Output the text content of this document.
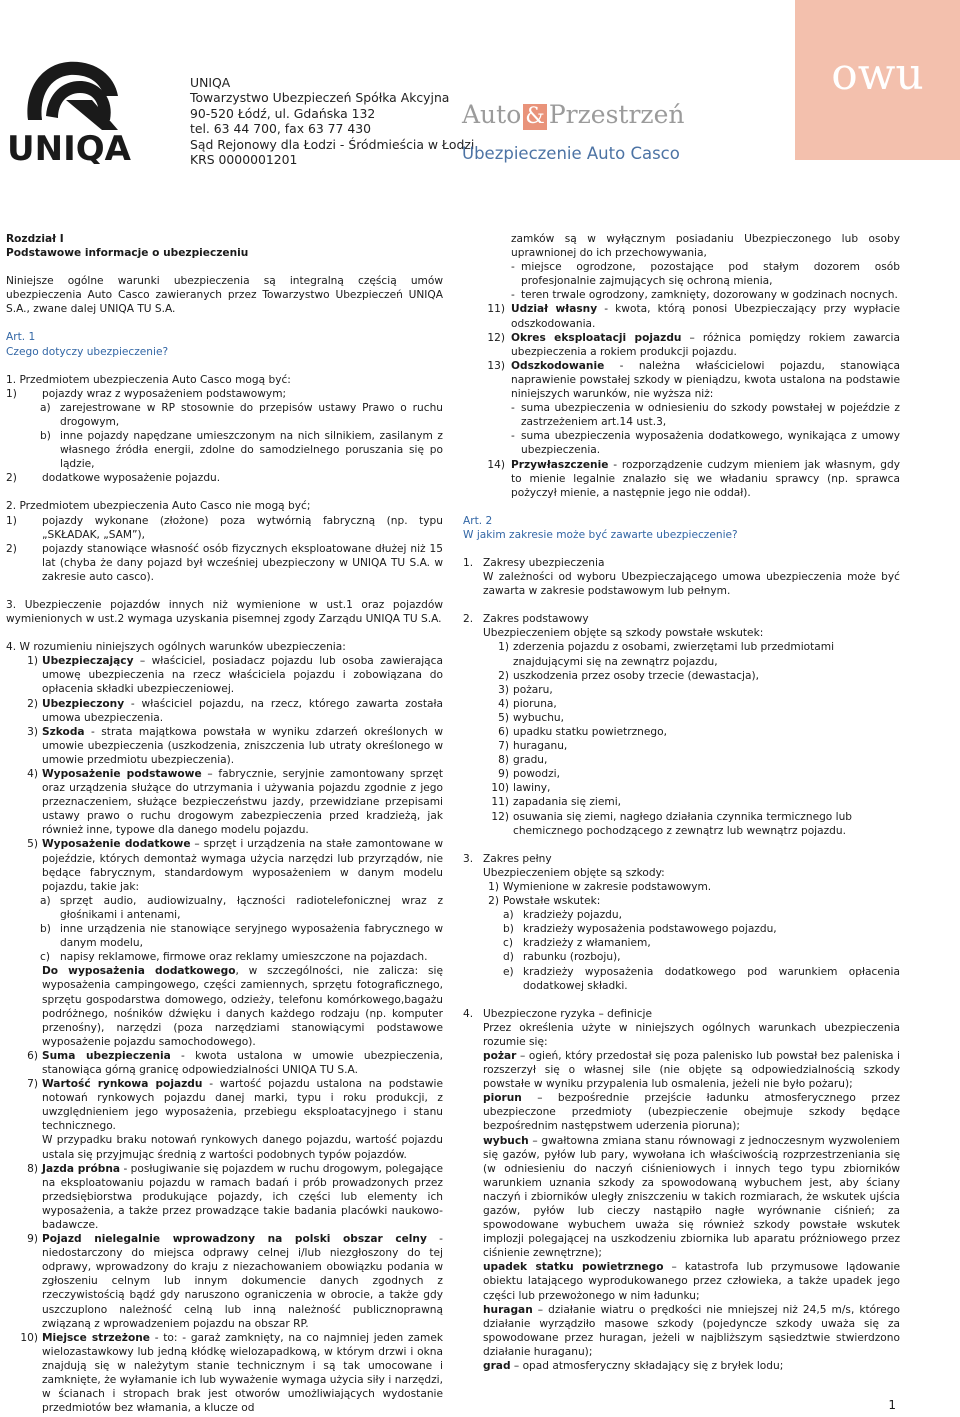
UNIQA
UNIQA
Towarzystwo Ubezpieczeń Spółka Akcyjna
90-520 Łódź, ul. Gdańska 132
tel. 63 44 700, fax 63 77 430
Sąd Rejonowy dla Łodzi - Śródmieścia w Łodzi
KRS 0000001201
owu
Auto & Przestrzeń
Ubezpieczenie Auto Casco
Rozdział I
Podstawowe informacje o ubezpieczeniu
Niniejsze ogólne warunki ubezpieczenia są integralną częścią umów ubezpieczenia Auto Casco zawieranych przez Towarzystwo Ubezpieczeń UNIQA S.A., zwane dalej UNIQA TU S.A.
Art. 1
Czego dotyczy ubezpieczenie?
1. Przedmiotem ubezpieczenia Auto Casco mogą być:
1) pojazdy wraz z wyposażeniem podstawowym;
a) zarejestrowane w RP stosownie do przepisów ustawy Prawo o ruchu drogowym,
b) inne pojazdy napędzane umieszczonym na nich silnikiem, zasilanym z własnego źródła energii, zdolne do samodzielnego poruszania się po lądzie,
2) dodatkowe wyposażenie pojazdu.
2. Przedmiotem ubezpieczenia Auto Casco nie mogą być;
1) pojazdy wykonane (złożone) poza wytwórnią fabryczną (np. typu „SKŁADAK, „SAM”),
2) pojazdy stanowiące własność osób fizycznych eksploatowane dłużej niż 15 lat (chyba że dany pojazd był wcześniej ubezpieczony w UNIQA TU S.A. w zakresie auto casco).
3. Ubezpieczenie pojazdów innych niż wymienione w ust.1 oraz pojazdów wymienionych w ust.2 wymaga uzyskania pisemnej zgody Zarządu UNIQA TU S.A.
4. W rozumieniu niniejszych ogólnych warunków ubezpieczenia:
1) Ubezpieczający – właściciel, posiadacz pojazdu lub osoba zawierająca umowę ubezpieczenia na rzecz właściciela pojazdu i zobowiązana do opłacenia składki ubezpieczeniowej.
2) Ubezpieczony - właściciel pojazdu, na rzecz, którego zawarta została umowa ubezpieczenia.
3) Szkoda - strata majątkowa powstała w wyniku zdarzeń określonych w umowie ubezpieczenia (uszkodzenia, zniszczenia lub utraty określonego w umowie przedmiotu ubezpieczenia).
4) Wyposażenie podstawowe – fabrycznie, seryjnie zamontowany sprzęt oraz urządzenia służące do utrzymania i używania pojazdu zgodnie z jego przeznaczeniem, służące bezpieczeństwu jazdy, przewidziane przepisami ustawy prawo o ruchu drogowym zabezpieczenia przed kradzieżą, jak również inne, typowe dla danego modelu pojazdu.
5) Wyposażenie dodatkowe – sprzęt i urządzenia na stałe zamontowane w pojeździe, których demontaż wymaga użycia narzędzi lub przyrządów, nie będące fabrycznym, standardowym wyposażeniem w danym modelu pojazdu, takie jak:
a) sprzęt audio, audiowizualny, łączności radiotelefonicznej wraz z głośnikami i antenami,
b) inne urządzenia nie stanowiące seryjnego wyposażenia fabrycznego w danym modelu,
c) napisy reklamowe, firmowe oraz reklamy umieszczone na pojazdach.
Do wyposażenia dodatkowego, w szczególności, nie zalicza: się wyposażenia campingowego, części zamiennych, sprzętu fotograficznego, sprzętu gospodarstwa domowego, odzieży, telefonu komórkowego,bagażu podróżnego, nośników dźwięku i danych każdego rodzaju (np. komputer przenośny), narzędzi (poza narzędziami stanowiącymi podstawowe wyposażenie pojazdu samochodowego).
6) Suma ubezpieczenia - kwota ustalona w umowie ubezpieczenia, stanowiąca górną granicę odpowiedzialności UNIQA TU S.A.
7) Wartość rynkowa pojazdu - wartość pojazdu ustalona na podstawie notowań rynkowych pojazdu danej marki, typu i roku produkcji, z uwzględnieniem jego wyposażenia, przebiegu eksploatacyjnego i stanu technicznego.
W przypadku braku notowań rynkowych danego pojazdu, wartość pojazdu ustala się przyjmując średnią z wartości podobnych typów pojazdów.
8) Jazda próbna - posługiwanie się pojazdem w ruchu drogowym, polegające na eksploatowaniu pojazdu w ramach badań i prób prowadzonych przez przedsiębiorstwa produkujące pojazdy, ich części lub elementy ich wyposażenia, a także przez prowadzące takie badania placówki naukowo-badawcze.
9) Pojazd nielegalnie wprowadzony na polski obszar celny - niedostarczony do miejsca odprawy celnej i/lub niezgłoszony do tej odprawy, wprowadzony do kraju z niezachowaniem obowiązku podania w zgłoszeniu celnym lub innym dokumencie danych zgodnych z rzeczywistością bądź gdy naruszono ograniczenia w obrocie, a także gdy uszczuplono należność celną lub inną należność publicznoprawną związaną z wprowadzeniem pojazdu na obszar RP.
10) Miejsce strzeżone - to: - garaż zamknięty, na co najmniej jeden zamek wielozastawkowy lub jedną kłódkę wielozapadkową, w którym drzwi i okna znajdują się w należytym stanie technicznym i są tak umocowane i zamknięte, że wyłamanie ich lub wyważenie wymaga użycia siły i narzędzi, w ścianach i stropach brak jest otworów umożliwiających wydostanie przedmiotów bez włamania, a klucze od
zamków są w wyłącznym posiadaniu Ubezpieczonego lub osoby uprawnionej do ich przechowywania,
- miejsce ogrodzone, pozostające pod stałym dozorem osób profesjonalnie zajmujących się ochroną mienia,
- teren trwale ogrodzony, zamknięty, dozorowany w godzinach nocnych.
11) Udział własny - kwota, którą ponosi Ubezpieczający przy wypłacie odszkodowania.
12) Okres eksploatacji pojazdu – różnica pomiędzy rokiem zawarcia ubezpieczenia a rokiem produkcji pojazdu.
13) Odszkodowanie - należna właścicielowi pojazdu, stanowiąca naprawienie powstałej szkody w pieniądzu, kwota ustalona na podstawie niniejszych warunków, nie wyższa niż:
- suma ubezpieczenia w odniesieniu do szkody powstałej w pojeździe z zastrzeżeniem art.14 ust.3,
- suma ubezpieczenia wyposażenia dodatkowego, wynikająca z umowy ubezpieczenia.
14) Przywłaszczenie - rozporządzenie cudzym mieniem jak własnym, gdy to mienie legalnie znalazło się we władaniu sprawcy (np. sprawca pożyczył mienie, a następnie jego nie oddał).
Art. 2
W jakim zakresie może być zawarte ubezpieczenie?
1. Zakresy ubezpieczenia
W zależności od wyboru Ubezpieczającego umowa ubezpieczenia może być zawarta w zakresie podstawowym lub pełnym.
2. Zakres podstawowy
Ubezpieczeniem objęte są szkody powstałe wskutek:
1) zderzenia pojazdu z osobami, zwierzętami lub przedmiotami znajdującymi się na zewnątrz pojazdu,
2) uszkodzenia przez osoby trzecie (dewastacja),
3) pożaru,
4) pioruna,
5) wybuchu,
6) upadku statku powietrznego,
7) huraganu,
8) gradu,
9) powodzi,
10) lawiny,
11) zapadania się ziemi,
12) osuwania się ziemi, nagłego działania czynnika termicznego lub chemicznego pochodzącego z zewnątrz lub wewnątrz pojazdu.
3. Zakres pełny
Ubezpieczeniem objęte są szkody:
1) Wymienione w zakresie podstawowym.
2) Powstałe wskutek:
a) kradzieży pojazdu,
b) kradzieży wyposażenia podstawowego pojazdu,
c) kradzieży z włamaniem,
d) rabunku (rozboju),
e) kradzieży wyposażenia dodatkowego pod warunkiem opłacenia dodatkowej składki.
4. Ubezpieczone ryzyka – definicje
Przez określenia użyte w niniejszych ogólnych warunkach ubezpieczenia rozumie się:
pożar – ogień, który przedostał się poza palenisko lub powstał bez paleniska i rozszerzył się o własnej sile (nie objęte są odpowiedzialnością szkody powstałe w wyniku przypalenia lub osmalenia, jeżeli nie było pożaru);
piorun – bezpośrednie przejście ładunku atmosferycznego przez ubezpieczone przedmioty (ubezpieczenie obejmuje szkody będące bezpośrednim następstwem uderzenia pioruna);
wybuch – gwałtowna zmiana stanu równowagi z jednoczesnym wyzwoleniem się gazów, pyłów lub pary, wywołana ich właściwością rozprzestrzeniania się (w odniesieniu do naczyń ciśnieniowych i innych tego typu zbiorników warunkiem uznania szkody za spowodowaną wybuchem jest, aby ściany naczyń i zbiorników uległy zniszczeniu w takich rozmiarach, że wskutek ujścia gazów, pyłów lub cieczy nastąpiło nagłe wyrównanie ciśnień; za spowodowane wybuchem uważa się również szkody powstałe wskutek implozji polegającej na uszkodzeniu zbiornika lub aparatu próżniowego przez ciśnienie zewnętrzne);
upadek statku powietrznego – katastrofa lub przymusowe lądowanie obiektu latającego wyprodukowanego przez człowieka, a także upadek jego części lub przewożonego w nim ładunku;
huragan – działanie wiatru o prędkości nie mniejszej niż 24,5 m/s, którego działanie wyrządziło masowe szkody (pojedyncze szkody uważa się za spowodowane przez huragan, jeżeli w najbliższym sąsiedztwie stwierdzono działanie huraganu);
grad – opad atmosferyczny składający się z bryłek lodu;
1
